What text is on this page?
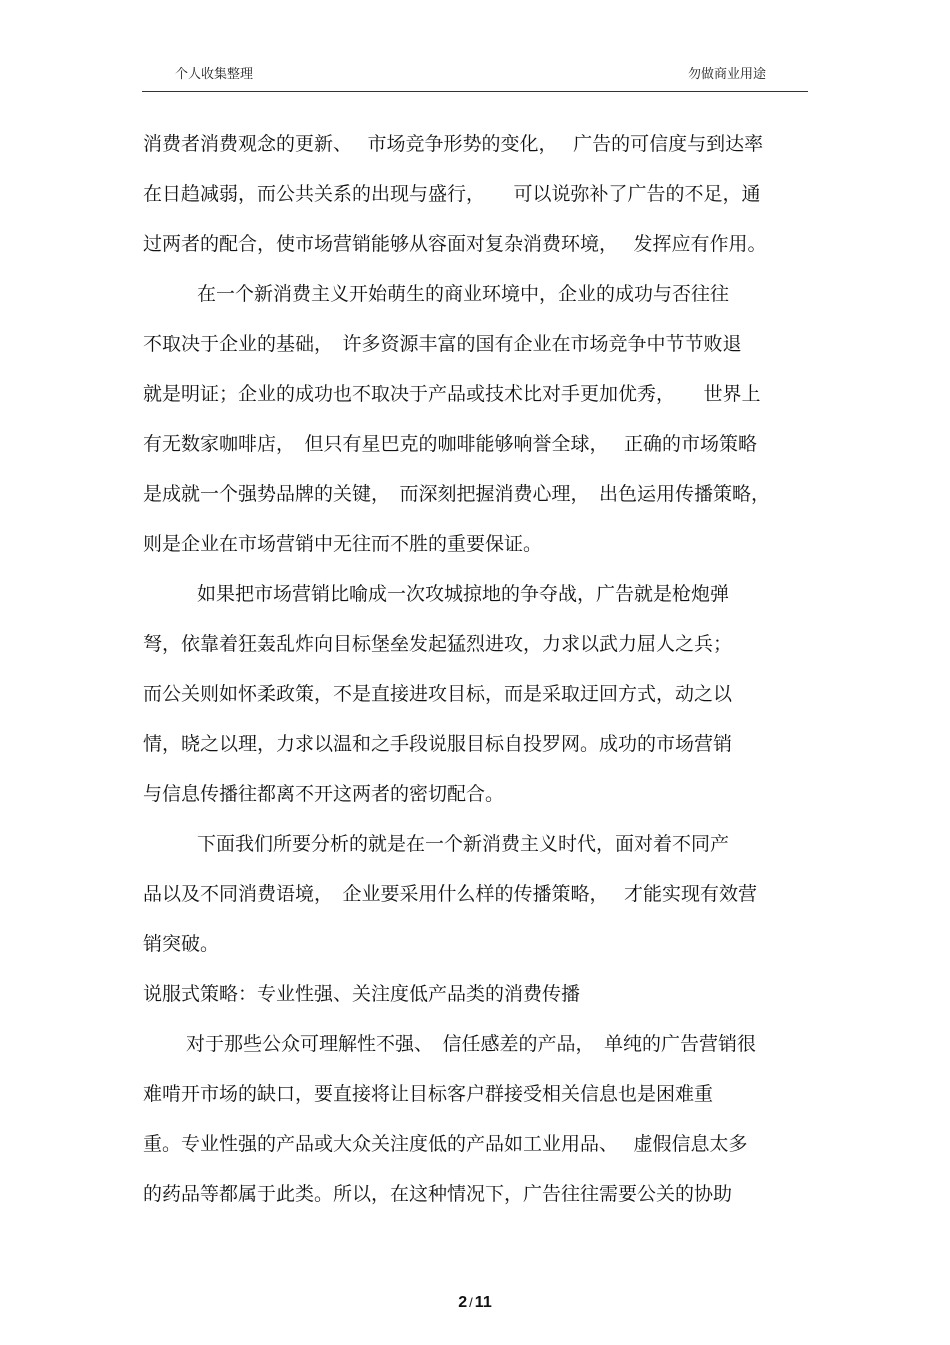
个人收集整理	勿做商业用途
消费者消费观念的更新、　 市场竞争形势的变化，　 广告的可信度与到达率
在日趋减弱，而公共关系的出现与盛行，　　可以说弥补了广告的不足，通
过两者的配合，使市场营销能够从容面对复杂消费环境，　 发挥应有作用。
在一个新消费主义开始萌生的商业环境中，企业的成功与否往往
不取决于企业的基础，　许多资源丰富的国有企业在市场竞争中节节败退
就是明证；企业的成功也不取决于产品或技术比对手更加优秀，　　世界上
有无数家咖啡店，　但只有星巴克的咖啡能够响誉全球，　 正确的市场策略
是成就一个强势品牌的关键，　而深刻把握消费心理，　出色运用传播策略，
则是企业在市场营销中无往而不胜的重要保证。
如果把市场营销比喻成一次攻城掠地的争夺战，广告就是枪炮弹
弩，依靠着狂轰乱炸向目标堡垒发起猛烈进攻，力求以武力屈人之兵；
而公关则如怀柔政策，不是直接进攻目标，而是采取迂回方式，动之以
情，晓之以理，力求以温和之手段说服目标自投罗网。成功的市场营销
与信息传播往都离不开这两者的密切配合。
下面我们所要分析的就是在一个新消费主义时代，面对着不同产
品以及不同消费语境，　企业要采用什么样的传播策略，　 才能实现有效营
销突破。
说服式策略：专业性强、关注度低产品类的消费传播
对于那些公众可理解性不强、　信任感差的产品，　单纯的广告营销很
难啃开市场的缺口，要直接将让目标客户群接受相关信息也是困难重
重。专业性强的产品或大众关注度低的产品如工业用品、　 虚假信息太多
的药品等都属于此类。所以，在这种情况下，广告往往需要公关的协助
2 / 11
